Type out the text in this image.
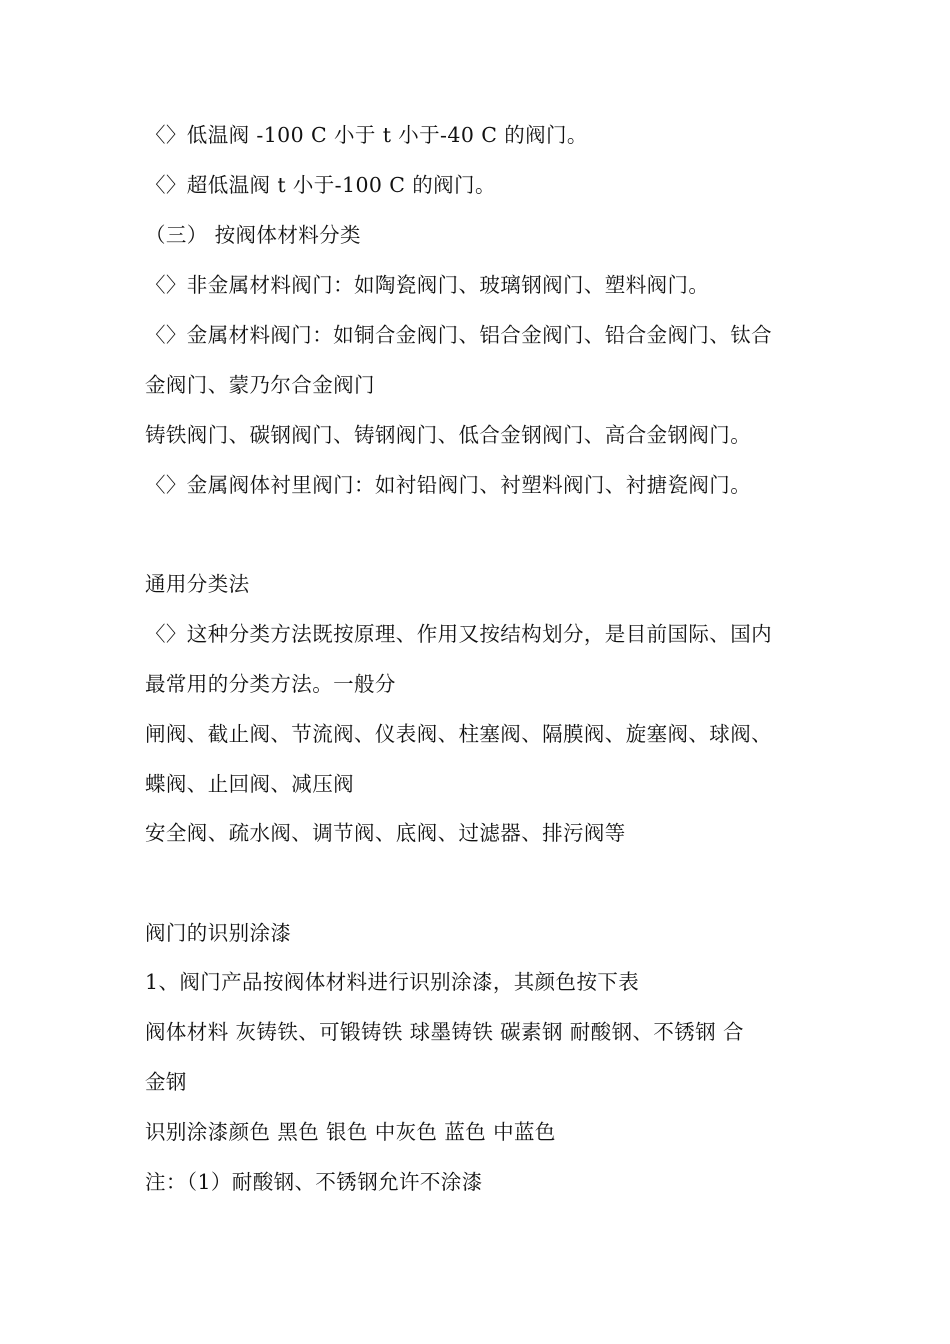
〈〉低温阀 -100 C 小于 t 小于-40 C 的阀门。
〈〉超低温阀 t 小于-100 C 的阀门。
（三） 按阀体材料分类
〈〉非金属材料阀门：如陶瓷阀门、玻璃钢阀门、塑料阀门。
〈〉金属材料阀门：如铜合金阀门、铝合金阀门、铅合金阀门、钛合
金阀门、蒙乃尔合金阀门
铸铁阀门、碳钢阀门、铸钢阀门、低合金钢阀门、高合金钢阀门。
〈〉金属阀体衬里阀门：如衬铅阀门、衬塑料阀门、衬搪瓷阀门。
通用分类法
〈〉这种分类方法既按原理、作用又按结构划分，是目前国际、国内
最常用的分类方法。一般分
闸阀、截止阀、节流阀、仪表阀、柱塞阀、隔膜阀、旋塞阀、球阀、
蝶阀、止回阀、减压阀
安全阀、疏水阀、调节阀、底阀、过滤器、排污阀等
阀门的识别涂漆
1、阀门产品按阀体材料进行识别涂漆，其颜色按下表
阀体材料 灰铸铁、可锻铸铁 球墨铸铁 碳素钢 耐酸钢、不锈钢 合
金钢
识别涂漆颜色 黑色 银色 中灰色 蓝色 中蓝色
注：（1）耐酸钢、不锈钢允许不涂漆
